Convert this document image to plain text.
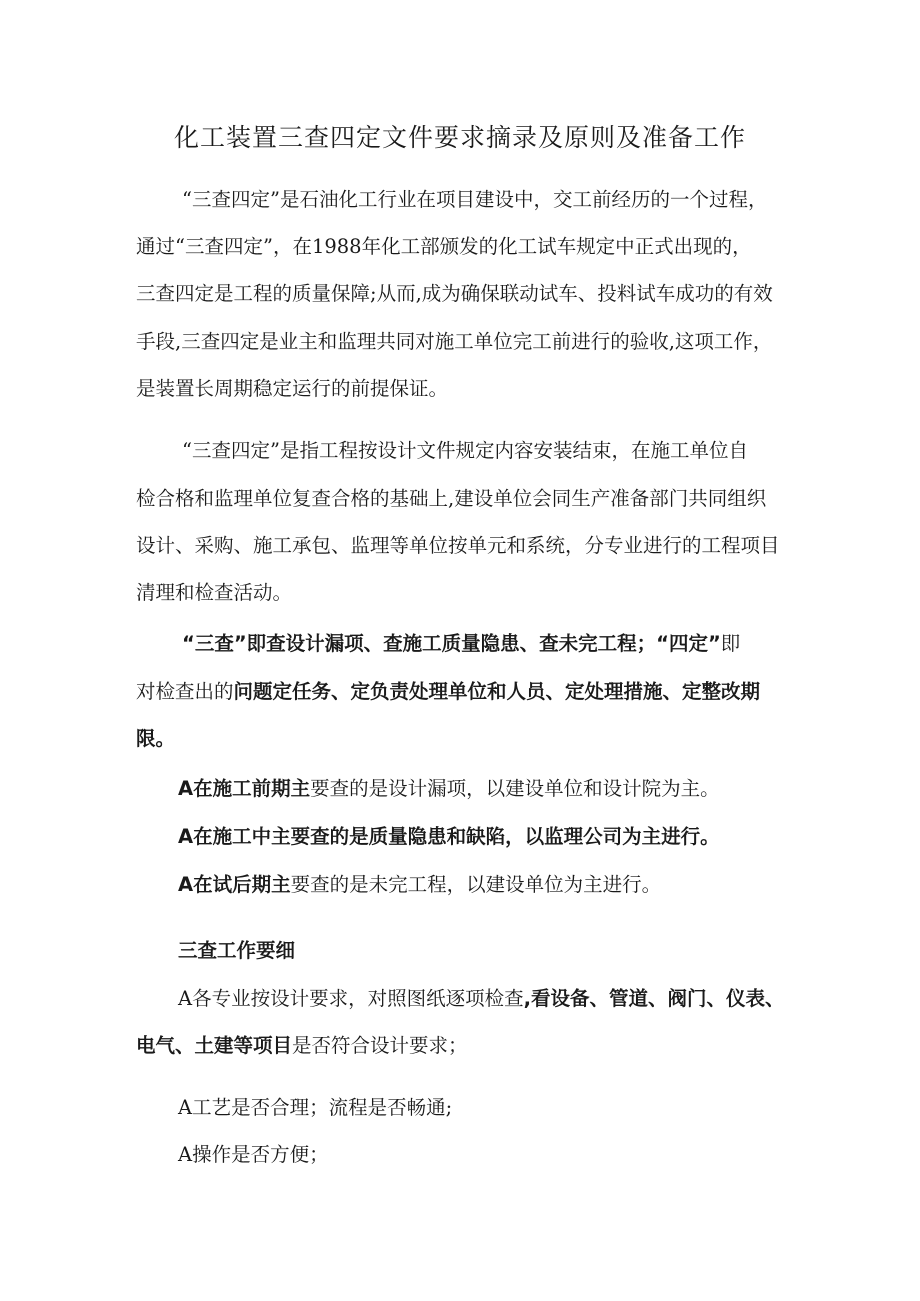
化工装置三查四定文件要求摘录及原则及准备工作
“三查四定”是石油化工行业在项目建设中，交工前经历的一个过程，
通过“三查四定”，在1988年化工部颁发的化工试车规定中正式出现的，
三查四定是工程的质量保障;从而,成为确保联动试车、投料试车成功的有效
手段,三查四定是业主和监理共同对施工单位完工前进行的验收,这项工作，
是装置长周期稳定运行的前提保证。
“三查四定”是指工程按设计文件规定内容安装结束，在施工单位自
检合格和监理单位复查合格的基础上,建设单位会同生产准备部门共同组织
设计、采购、施工承包、监理等单位按单元和系统，分专业进行的工程项目
清理和检查活动。
“三查”即查设计漏项、查施工质量隐患、查未完工程；“四定”即
对检查出的问题定任务、定负责处理单位和人员、定处理措施、定整改期
限。
A在施工前期主要查的是设计漏项，以建设单位和设计院为主。
A在施工中主要查的是质量隐患和缺陷，以监理公司为主进行。
A在试后期主要查的是未完工程，以建设单位为主进行。
三查工作要细
A各专业按设计要求，对照图纸逐项检查,看设备、管道、阀门、仪表、
电气、土建等项目是否符合设计要求；
A工艺是否合理；流程是否畅通;
A操作是否方便；
